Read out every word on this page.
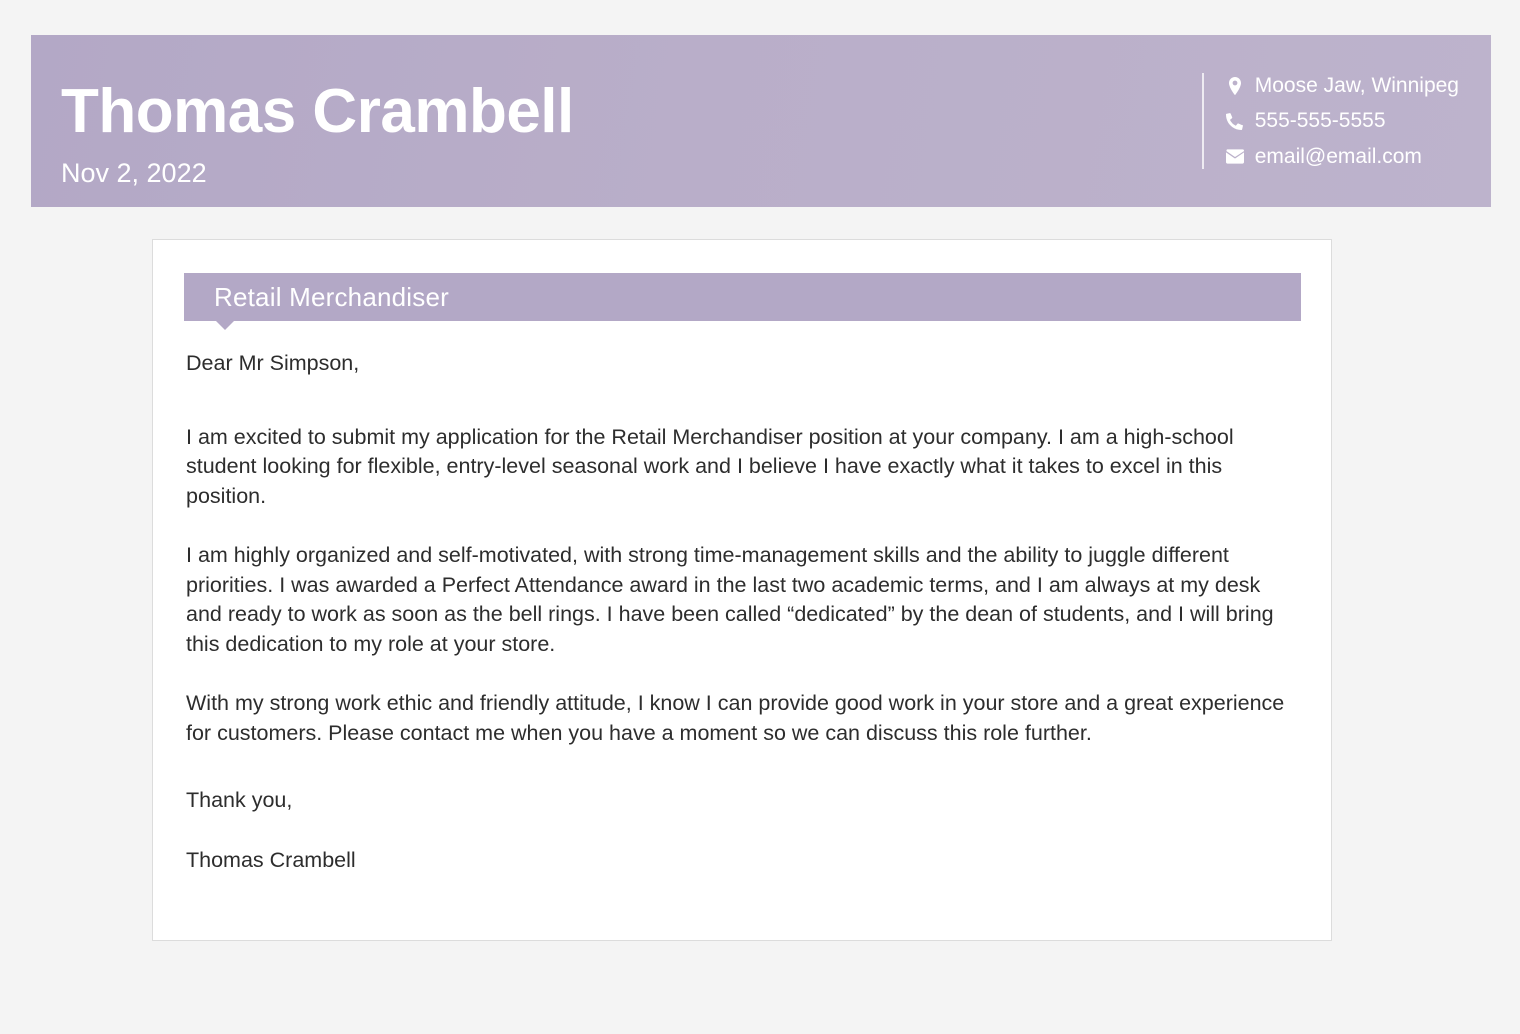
Thomas Crambell
Nov 2, 2022
Moose Jaw, Winnipeg
555-555-5555
email@email.com
Retail Merchandiser

Dear Mr Simpson,

I am excited to submit my application for the Retail Merchandiser position at your company. I am a high-school student looking for flexible, entry-level seasonal work and I believe I have exactly what it takes to excel in this position.

I am highly organized and self-motivated, with strong time-management skills and the ability to juggle different priorities. I was awarded a Perfect Attendance award in the last two academic terms, and I am always at my desk and ready to work as soon as the bell rings. I have been called “dedicated” by the dean of students, and I will bring this dedication to my role at your store.

With my strong work ethic and friendly attitude, I know I can provide good work in your store and a great experience for customers. Please contact me when you have a moment so we can discuss this role further.

Thank you,

Thomas Crambell
